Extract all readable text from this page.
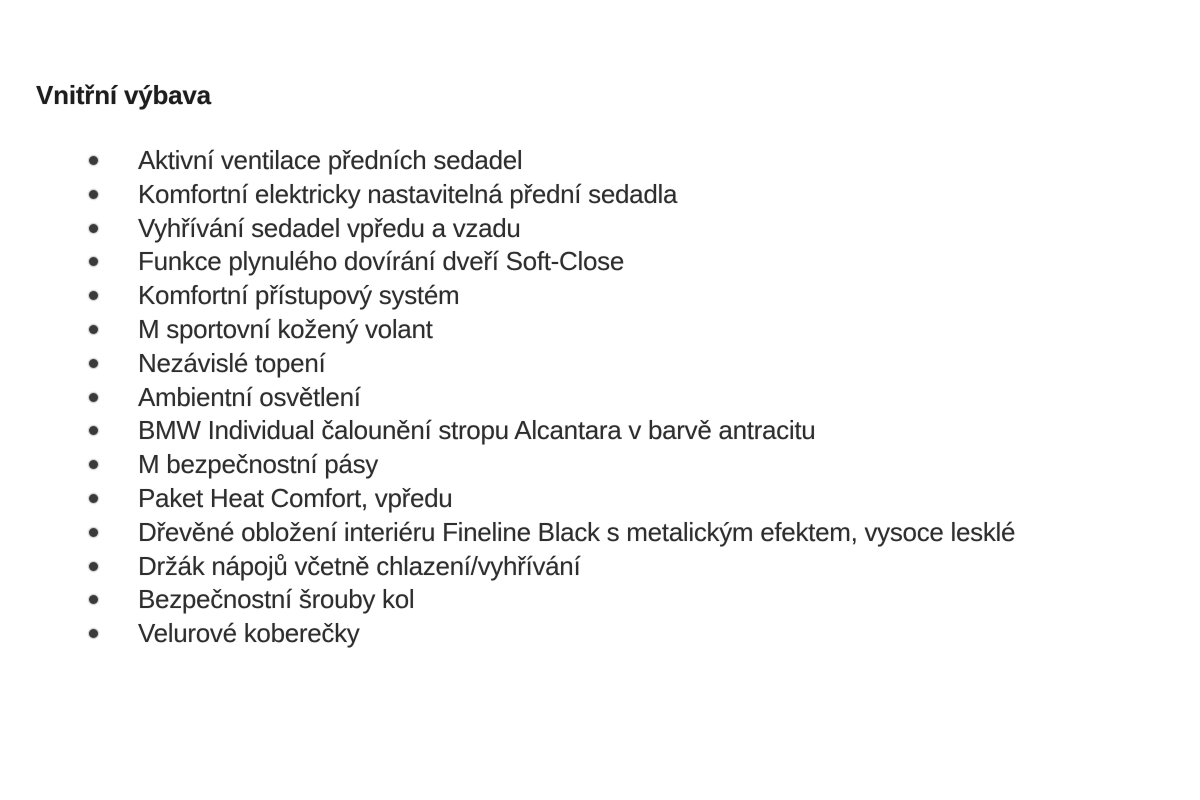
Vnitřní výbava
Aktivní ventilace předních sedadel
Komfortní elektricky nastavitelná přední sedadla
Vyhřívání sedadel vpředu a vzadu
Funkce plynulého dovírání dveří Soft-Close
Komfortní přístupový systém
M sportovní kožený volant
Nezávislé topení
Ambientní osvětlení
BMW Individual čalounění stropu Alcantara v barvě antracitu
M bezpečnostní pásy
Paket Heat Comfort, vpředu
Dřevěné obložení interiéru Fineline Black s metalickým efektem, vysoce lesklé
Držák nápojů včetně chlazení/vyhřívání
Bezpečnostní šrouby kol
Velurové koberečky
